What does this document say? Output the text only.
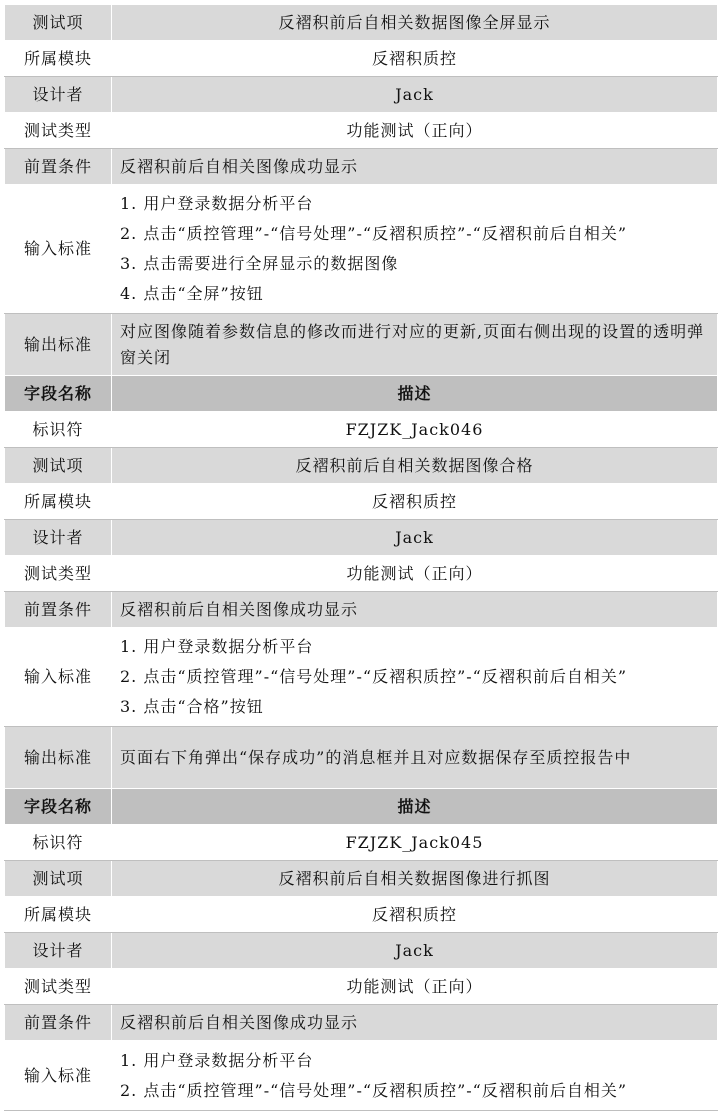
测试项	反褶积前后自相关数据图像全屏显示
所属模块	反褶积质控
设计者	Jack
测试类型	功能测试（正向）
前置条件	反褶积前后自相关图像成功显示
输入标准	1. 用户登录数据分析平台
2. 点击“质控管理”-“信号处理”-“反褶积质控”-“反褶积前后自相关”
3. 点击需要进行全屏显示的数据图像
4. 点击“全屏”按钮

输出标准	对应图像随着参数信息的修改而进行对应的更新,页面右侧出现的设置的透明弹窗关闭

字段名称	描述
标识符	FZJZK_Jack046
测试项	反褶积前后自相关数据图像合格
所属模块	反褶积质控
设计者	Jack
测试类型	功能测试（正向）
前置条件	反褶积前后自相关图像成功显示
输入标准	1. 用户登录数据分析平台
2. 点击“质控管理”-“信号处理”-“反褶积质控”-“反褶积前后自相关”
3. 点击“合格”按钮

输出标准	页面右下角弹出“保存成功”的消息框并且对应数据保存至质控报告中

字段名称	描述
标识符	FZJZK_Jack045
测试项	反褶积前后自相关数据图像进行抓图
所属模块	反褶积质控
设计者	Jack
测试类型	功能测试（正向）
前置条件	反褶积前后自相关图像成功显示
输入标准	1. 用户登录数据分析平台
2. 点击“质控管理”-“信号处理”-“反褶积质控”-“反褶积前后自相关”
